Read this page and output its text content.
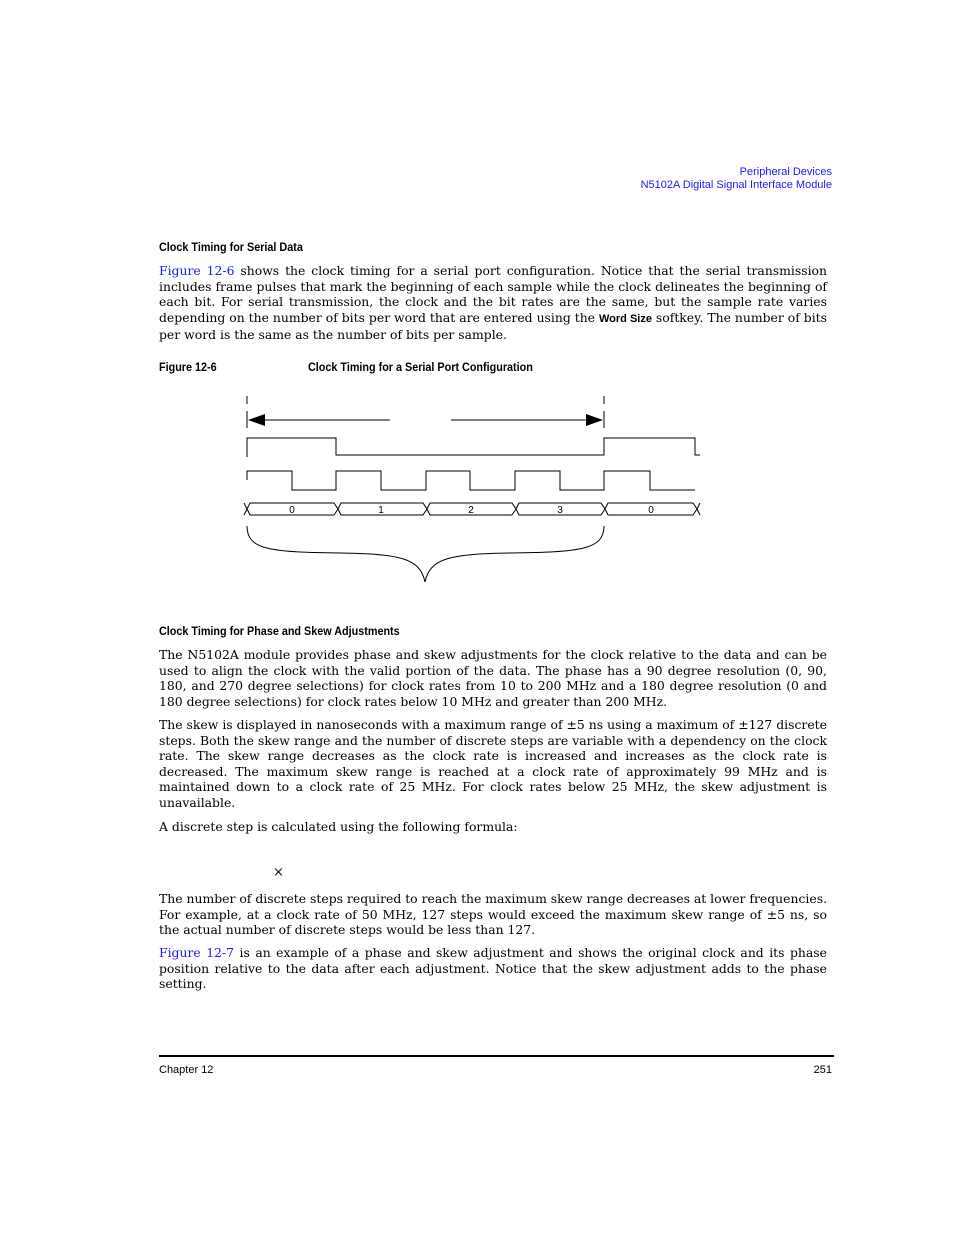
Peripheral Devices
N5102A Digital Signal Interface Module
Clock Timing for Serial Data

Figure 12-6 shows the clock timing for a serial port configuration. Notice that the serial transmission includes frame pulses that mark the beginning of each sample while the clock delineates the beginning of each bit. For serial transmission, the clock and the bit rates are the same, but the sample rate varies depending on the number of bits per word that are entered using the Word Size softkey. The number of bits per word is the same as the number of bits per sample.

Figure 12-6	Clock Timing for a Serial Port Configuration
0	1	2	3	0
Clock Timing for Phase and Skew Adjustments

The N5102A module provides phase and skew adjustments for the clock relative to the data and can be used to align the clock with the valid portion of the data. The phase has a 90 degree resolution (0, 90, 180, and 270 degree selections) for clock rates from 10 to 200 MHz and a 180 degree resolution (0 and 180 degree selections) for clock rates below 10 MHz and greater than 200 MHz.

The skew is displayed in nanoseconds with a maximum range of ±5 ns using a maximum of ±127 discrete steps. Both the skew range and the number of discrete steps are variable with a dependency on the clock rate. The skew range decreases as the clock rate is increased and increases as the clock rate is decreased. The maximum skew range is reached at a clock rate of approximately 99 MHz and is maintained down to a clock rate of 25 MHz. For clock rates below 25 MHz, the skew adjustment is unavailable.

A discrete step is calculated using the following formula:

×

The number of discrete steps required to reach the maximum skew range decreases at lower frequencies. For example, at a clock rate of 50 MHz, 127 steps would exceed the maximum skew range of ±5 ns, so the actual number of discrete steps would be less than 127.

Figure 12-7 is an example of a phase and skew adjustment and shows the original clock and its phase position relative to the data after each adjustment. Notice that the skew adjustment adds to the phase setting.

Chapter 12	251
